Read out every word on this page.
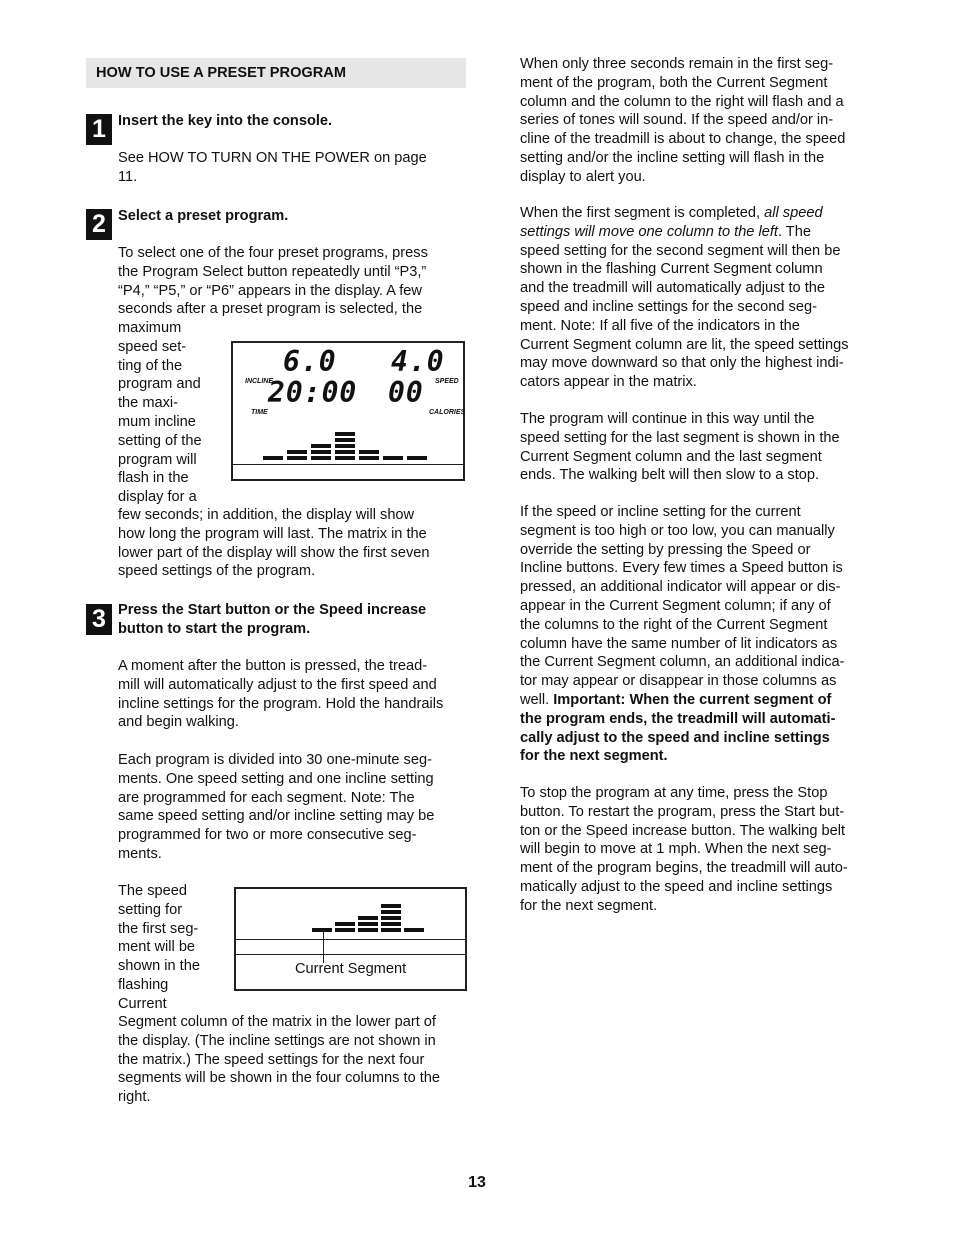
HOW TO USE A PRESET PROGRAM
1 Insert the key into the console.

See HOW TO TURN ON THE POWER on page

11.

2 Select a preset program.

To select one of the four preset programs, press

the Program Select button repeatedly until “P3,”

“P4,” “P5,” or “P6” appears in the display. A few

seconds after a preset program is selected, the

maximum

speed set-

ting of the

program and

the maxi-

mum incline

setting of the

program will

flash in the

display for a

INCLINE
6.0 4.0
SPEED
TIME
20:00 00
CALORIES

few seconds; in addition, the display will show

how long the program will last. The matrix in the

lower part of the display will show the first seven

speed settings of the program.

3 Press the Start button or the Speed increase

button to start the program.

A moment after the button is pressed, the tread-

mill will automatically adjust to the first speed and

incline settings for the program. Hold the handrails

and begin walking.

Each program is divided into 30 one-minute seg-

ments. One speed setting and one incline setting

are programmed for each segment. Note: The

same speed setting and/or incline setting may be

programmed for two or more consecutive seg-

ments.

The speed

setting for

the first seg-

ment will be

shown in the

flashing

Current

Current Segment

Segment column of the matrix in the lower part of

the display. (The incline settings are not shown in

the matrix.) The speed settings for the next four

segments will be shown in the four columns to the

right.

When only three seconds remain in the first seg-

ment of the program, both the Current Segment

column and the column to the right will flash and a

series of tones will sound. If the speed and/or in-

cline of the treadmill is about to change, the speed

setting and/or the incline setting will flash in the

display to alert you.

When the first segment is completed, all speed

settings will move one column to the left. The

speed setting for the second segment will then be

shown in the flashing Current Segment column

and the treadmill will automatically adjust to the

speed and incline settings for the second seg-

ment. Note: If all five of the indicators in the

Current Segment column are lit, the speed settings

may move downward so that only the highest indi-

cators appear in the matrix.

The program will continue in this way until the

speed setting for the last segment is shown in the

Current Segment column and the last segment

ends. The walking belt will then slow to a stop.

If the speed or incline setting for the current

segment is too high or too low, you can manually

override the setting by pressing the Speed or

Incline buttons. Every few times a Speed button is

pressed, an additional indicator will appear or dis-

appear in the Current Segment column; if any of

the columns to the right of the Current Segment

column have the same number of lit indicators as

the Current Segment column, an additional indica-

tor may appear or disappear in those columns as

well. Important: When the current segment of

the program ends, the treadmill will automati-

cally adjust to the speed and incline settings

for the next segment.

To stop the program at any time, press the Stop

button. To restart the program, press the Start but-

ton or the Speed increase button. The walking belt

will begin to move at 1 mph. When the next seg-

ment of the program begins, the treadmill will auto-

matically adjust to the speed and incline settings

for the next segment.

13
